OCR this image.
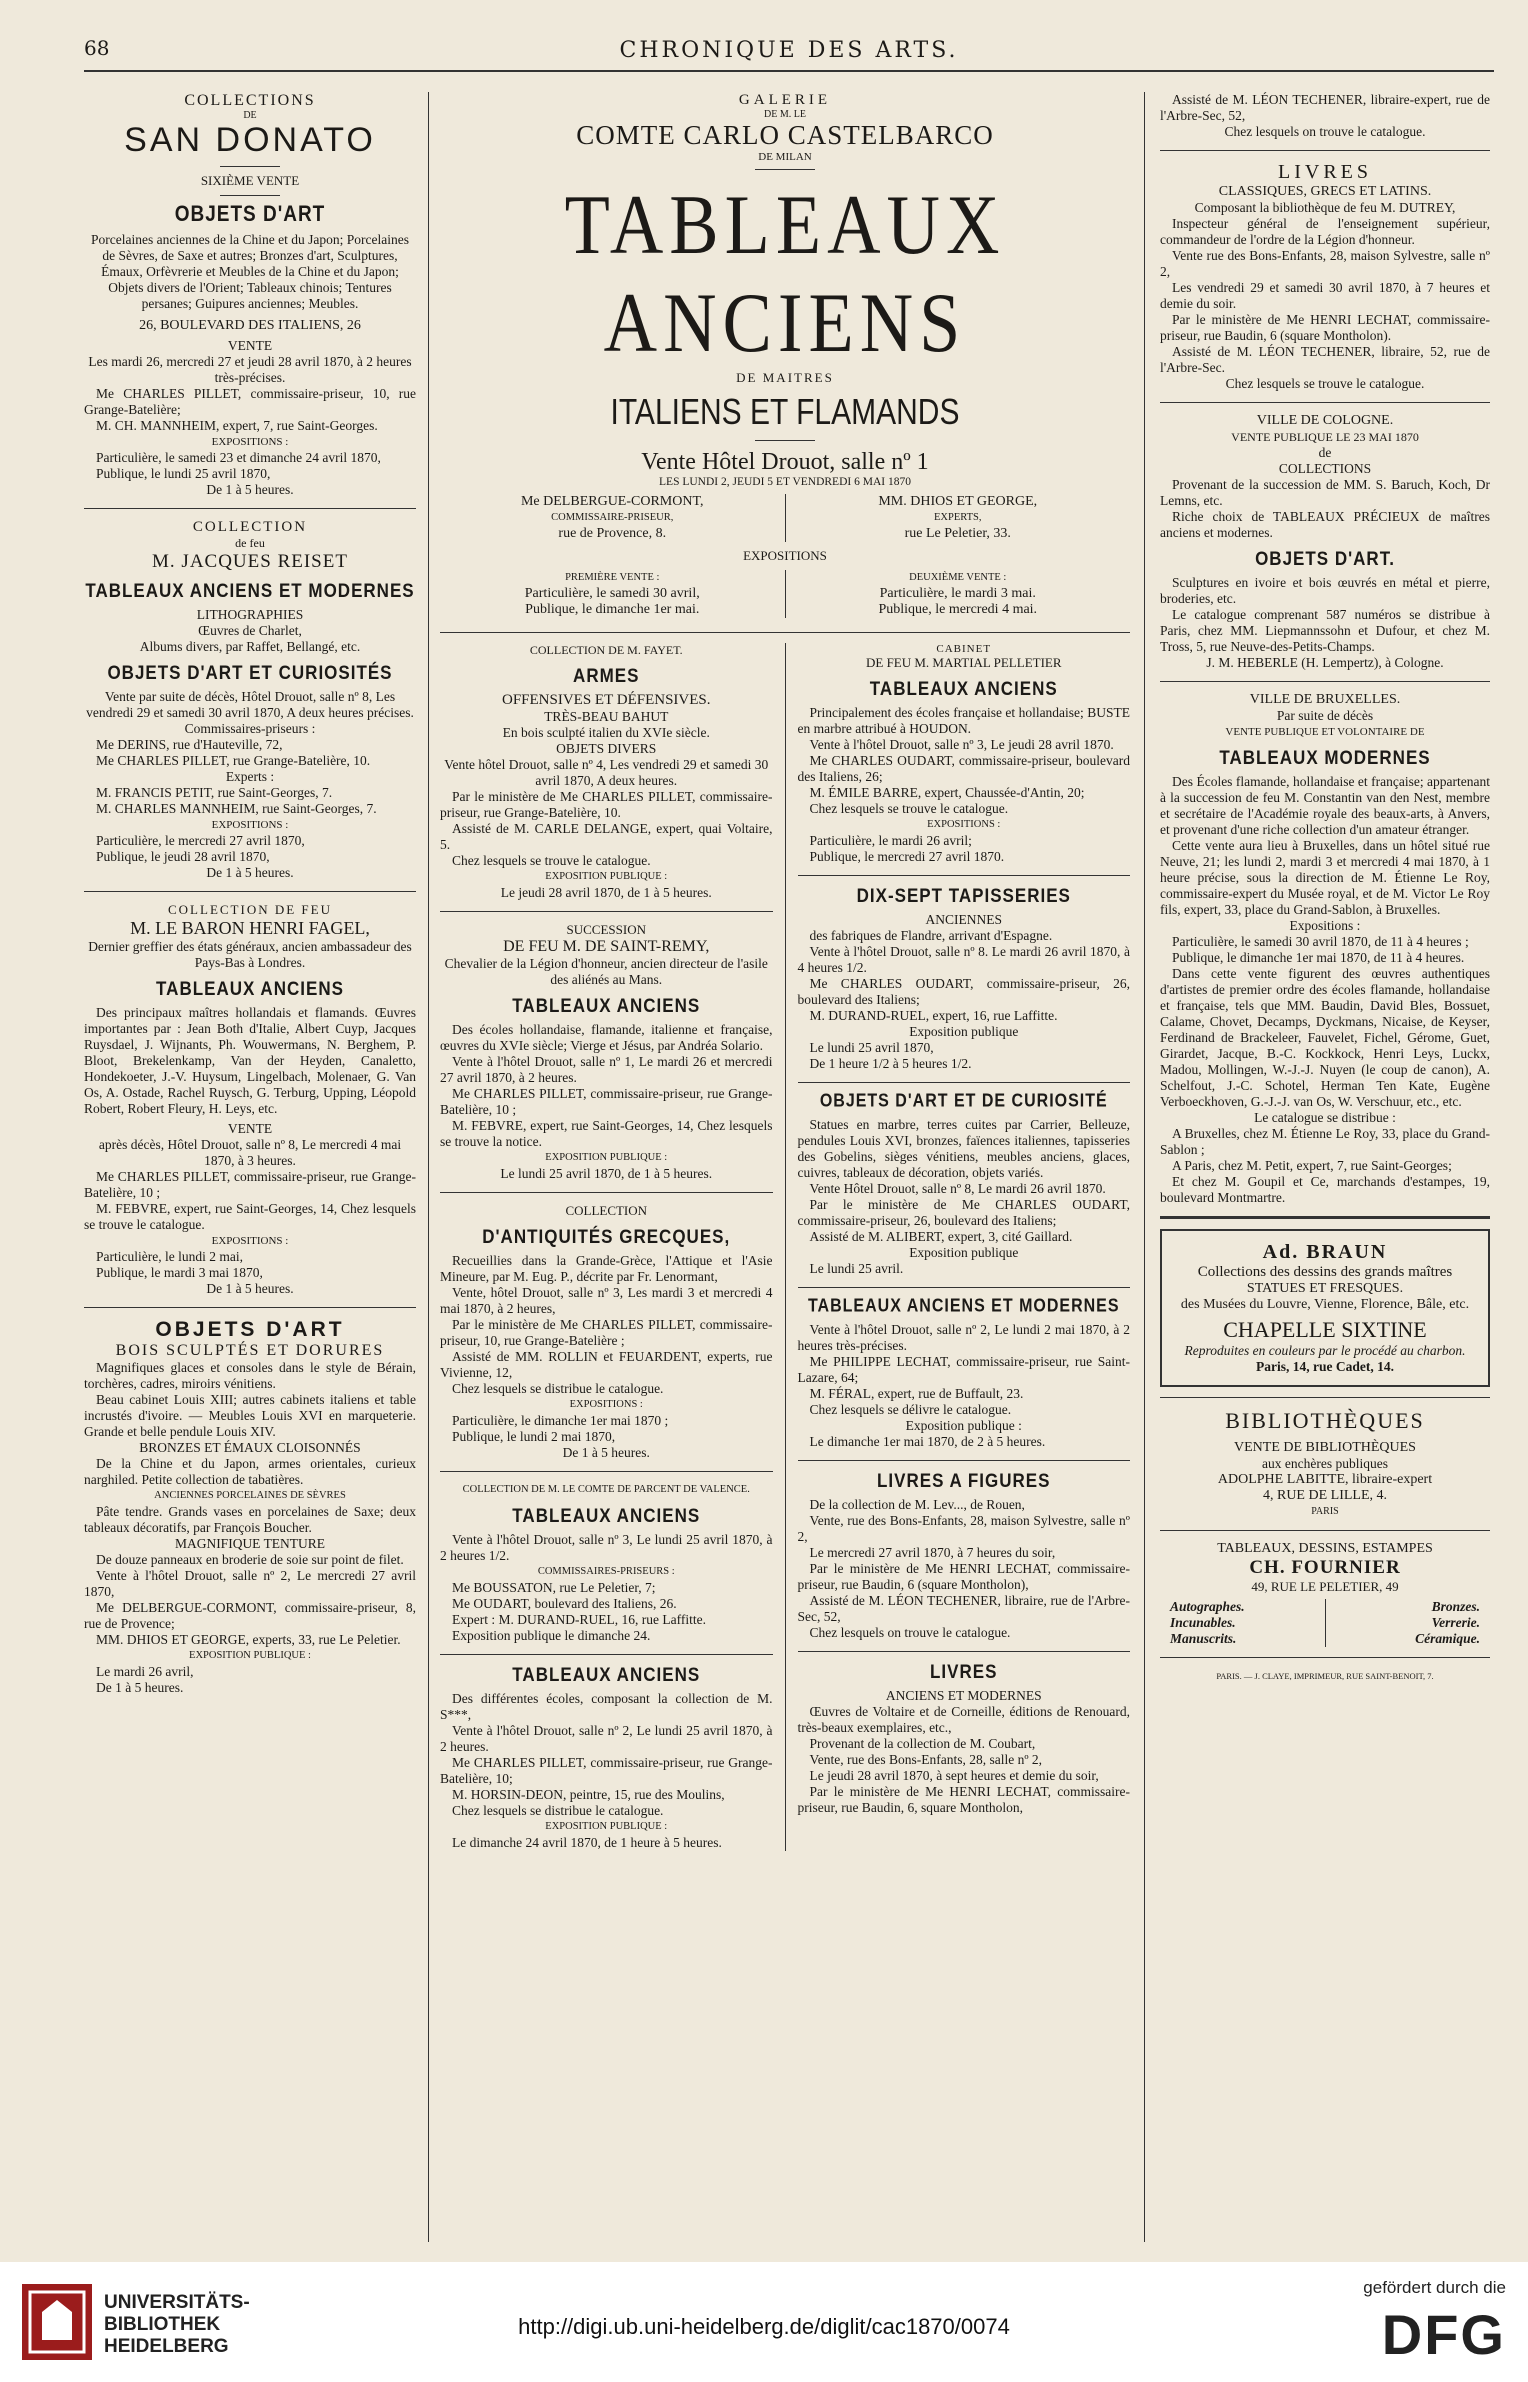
68	CHRONIQUE DES ARTS.
COLLECTIONS
DE
SAN DONATO
SIXIÈME VENTE
OBJETS D'ART
Porcelaines anciennes de la Chine et du Japon; Porcelaines de Sèvres, de Saxe et autres; Bronzes d'art, Sculptures, Émaux, Orfèvrerie et Meubles de la Chine et du Japon; Objets divers de l'Orient; Tableaux chinois; Tentures persanes; Guipures anciennes; Meubles.
26, BOULEVARD DES ITALIENS, 26
VENTE
Les mardi 26, mercredi 27 et jeudi 28 avril 1870, à 2 heures très-précises.

Me CHARLES PILLET, commissaire-priseur, 10, rue Grange-Batelière;

M. CH. MANNHEIM, expert, 7, rue Saint-Georges.

EXPOSITIONS :

Particulière, le samedi 23 et dimanche 24 avril 1870,

Publique, le lundi 25 avril 1870,

De 1 à 5 heures.
COLLECTION
de feu
M. JACQUES REISET
TABLEAUX ANCIENS ET MODERNES
LITHOGRAPHIES
Œuvres de Charlet,
Albums divers, par Raffet, Bellangé, etc.
OBJETS D'ART ET CURIOSITÉS
Vente par suite de décès, Hôtel Drouot, salle nº 8, Les vendredi 29 et samedi 30 avril 1870, A deux heures précises.
Commissaires-priseurs :

Me DERINS, rue d'Hauteville, 72,

Me CHARLES PILLET, rue Grange-Batelière, 10.

Experts :

M. FRANCIS PETIT, rue Saint-Georges, 7.

M. CHARLES MANNHEIM, rue Saint-Georges, 7.

EXPOSITIONS :

Particulière, le mercredi 27 avril 1870,

Publique, le jeudi 28 avril 1870,

De 1 à 5 heures.
COLLECTION DE FEU
M. LE BARON HENRI FAGEL,
Dernier greffier des états généraux, ancien ambassadeur des Pays-Bas à Londres.
TABLEAUX ANCIENS

Des principaux maîtres hollandais et flamands. Œuvres importantes par : Jean Both d'Italie, Albert Cuyp, Jacques Ruysdael, J. Wijnants, Ph. Wouwermans, N. Berghem, P. Bloot, Brekelenkamp, Van der Heyden, Canaletto, Hondekoeter, J.-V. Huysum, Lingelbach, Molenaer, G. Van Os, A. Ostade, Rachel Ruysch, G. Terburg, Upping, Léopold Robert, Robert Fleury, H. Leys, etc.

VENTE
après décès, Hôtel Drouot, salle nº 8, Le mercredi 4 mai 1870, à 3 heures.

Me CHARLES PILLET, commissaire-priseur, rue Grange-Batelière, 10 ;

M. FEBVRE, expert, rue Saint-Georges, 14, Chez lesquels se trouve le catalogue.

EXPOSITIONS :

Particulière, le lundi 2 mai,

Publique, le mardi 3 mai 1870,

De 1 à 5 heures.
OBJETS D'ART
BOIS SCULPTÉS ET DORURES

Magnifiques glaces et consoles dans le style de Bérain, torchères, cadres, miroirs vénitiens.

Beau cabinet Louis XIII; autres cabinets italiens et table incrustés d'ivoire. — Meubles Louis XVI en marqueterie. Grande et belle pendule Louis XIV.

BRONZES ET ÉMAUX CLOISONNÉS

De la Chine et du Japon, armes orientales, curieux narghiled. Petite collection de tabatières.

ANCIENNES PORCELAINES DE SÈVRES

Pâte tendre. Grands vases en porcelaines de Saxe; deux tableaux décoratifs, par François Boucher.

MAGNIFIQUE TENTURE

De douze panneaux en broderie de soie sur point de filet.

Vente à l'hôtel Drouot, salle nº 2, Le mercredi 27 avril 1870,

Me DELBERGUE-CORMONT, commissaire-priseur, 8, rue de Provence;

MM. DHIOS ET GEORGE, experts, 33, rue Le Peletier.

EXPOSITION PUBLIQUE :

Le mardi 26 avril,

De 1 à 5 heures.

GALERIE
DE M. LE
COMTE CARLO CASTELBARCO
DE MILAN
TABLEAUX ANCIENS
DE MAITRES
ITALIENS ET FLAMANDS
Vente Hôtel Drouot, salle nº 1
LES LUNDI 2, JEUDI 5 ET VENDREDI 6 MAI 1870
Me DELBERGUE-CORMONT,
COMMISSAIRE-PRISEUR,
rue de Provence, 8.
MM. DHIOS ET GEORGE,
EXPERTS,
rue Le Peletier, 33.
EXPOSITIONS
PREMIÈRE VENTE :
Particulière, le samedi 30 avril,
Publique, le dimanche 1er mai.
DEUXIÈME VENTE :
Particulière, le mardi 3 mai.
Publique, le mercredi 4 mai.
COLLECTION DE M. FAYET.
ARMES
OFFENSIVES ET DÉFENSIVES.
TRÈS-BEAU BAHUT
En bois sculpté italien du XVIe siècle.
OBJETS DIVERS
Vente hôtel Drouot, salle nº 4, Les vendredi 29 et samedi 30 avril 1870, A deux heures.

Par le ministère de Me CHARLES PILLET, commissaire-priseur, rue Grange-Batelière, 10.

Assisté de M. CARLE DELANGE, expert, quai Voltaire, 5.

Chez lesquels se trouve le catalogue.

EXPOSITION PUBLIQUE :
Le jeudi 28 avril 1870, de 1 à 5 heures.
SUCCESSION
DE FEU M. DE SAINT-REMY,
Chevalier de la Légion d'honneur, ancien directeur de l'asile des aliénés au Mans.
TABLEAUX ANCIENS

Des écoles hollandaise, flamande, italienne et française, œuvres du XVIe siècle; Vierge et Jésus, par Andréa Solario.

Vente à l'hôtel Drouot, salle nº 1, Le mardi 26 et mercredi 27 avril 1870, à 2 heures.

Me CHARLES PILLET, commissaire-priseur, rue Grange-Batelière, 10 ;

M. FEBVRE, expert, rue Saint-Georges, 14, Chez lesquels se trouve la notice.

EXPOSITION PUBLIQUE :
Le lundi 25 avril 1870, de 1 à 5 heures.
COLLECTION
D'ANTIQUITÉS GRECQUES,

Recueillies dans la Grande-Grèce, l'Attique et l'Asie Mineure, par M. Eug. P., décrite par Fr. Lenormant,

Vente, hôtel Drouot, salle nº 3, Les mardi 3 et mercredi 4 mai 1870, à 2 heures,

Par le ministère de Me CHARLES PILLET, commissaire-priseur, 10, rue Grange-Batelière ;

Assisté de MM. ROLLIN et FEUARDENT, experts, rue Vivienne, 12,

Chez lesquels se distribue le catalogue.

EXPOSITIONS :

Particulière, le dimanche 1er mai 1870 ;

Publique, le lundi 2 mai 1870,

De 1 à 5 heures.
COLLECTION DE M. LE COMTE DE PARCENT DE VALENCE.
TABLEAUX ANCIENS

Vente à l'hôtel Drouot, salle nº 3, Le lundi 25 avril 1870, à 2 heures 1/2.

COMMISSAIRES-PRISEURS :

Me BOUSSATON, rue Le Peletier, 7;

Me OUDART, boulevard des Italiens, 26.

Expert : M. DURAND-RUEL, 16, rue Laffitte.

Exposition publique le dimanche 24.

TABLEAUX ANCIENS

Des différentes écoles, composant la collection de M. S***,

Vente à l'hôtel Drouot, salle nº 2, Le lundi 25 avril 1870, à 2 heures.

Me CHARLES PILLET, commissaire-priseur, rue Grange-Batelière, 10;

M. HORSIN-DEON, peintre, 15, rue des Moulins,

Chez lesquels se distribue le catalogue.

EXPOSITION PUBLIQUE :

Le dimanche 24 avril 1870, de 1 heure à 5 heures.

CABINET
DE FEU M. MARTIAL PELLETIER
TABLEAUX ANCIENS

Principalement des écoles française et hollandaise; BUSTE en marbre attribué à HOUDON.

Vente à l'hôtel Drouot, salle nº 3, Le jeudi 28 avril 1870.

Me CHARLES OUDART, commissaire-priseur, boulevard des Italiens, 26;

M. ÉMILE BARRE, expert, Chaussée-d'Antin, 20;

Chez lesquels se trouve le catalogue.

EXPOSITIONS :

Particulière, le mardi 26 avril;

Publique, le mercredi 27 avril 1870.

DIX-SEPT TAPISSERIES
ANCIENNES

des fabriques de Flandre, arrivant d'Espagne.

Vente à l'hôtel Drouot, salle nº 8. Le mardi 26 avril 1870, à 4 heures 1/2.

Me CHARLES OUDART, commissaire-priseur, 26, boulevard des Italiens;

M. DURAND-RUEL, expert, 16, rue Laffitte.

Exposition publique

Le lundi 25 avril 1870,

De 1 heure 1/2 à 5 heures 1/2.

OBJETS D'ART ET DE CURIOSITÉ

Statues en marbre, terres cuites par Carrier, Belleuze, pendules Louis XVI, bronzes, faïences italiennes, tapisseries des Gobelins, sièges vénitiens, meubles anciens, glaces, cuivres, tableaux de décoration, objets variés.

Vente Hôtel Drouot, salle nº 8, Le mardi 26 avril 1870.

Par le ministère de Me CHARLES OUDART, commissaire-priseur, 26, boulevard des Italiens;

Assisté de M. ALIBERT, expert, 3, cité Gaillard.

Exposition publique

Le lundi 25 avril.

TABLEAUX ANCIENS ET MODERNES

Vente à l'hôtel Drouot, salle nº 2, Le lundi 2 mai 1870, à 2 heures très-précises.

Me PHILIPPE LECHAT, commissaire-priseur, rue Saint-Lazare, 64;

M. FÉRAL, expert, rue de Buffault, 23.

Chez lesquels se délivre le catalogue.

Exposition publique :

Le dimanche 1er mai 1870, de 2 à 5 heures.

LIVRES A FIGURES

De la collection de M. Lev..., de Rouen,

Vente, rue des Bons-Enfants, 28, maison Sylvestre, salle nº 2,

Le mercredi 27 avril 1870, à 7 heures du soir,

Par le ministère de Me HENRI LECHAT, commissaire-priseur, rue Baudin, 6 (square Montholon),

Assisté de M. LÉON TECHENER, libraire, rue de l'Arbre-Sec, 52,

Chez lesquels on trouve le catalogue.

LIVRES
ANCIENS ET MODERNES

Œuvres de Voltaire et de Corneille, éditions de Renouard, très-beaux exemplaires, etc.,

Provenant de la collection de M. Coubart,

Vente, rue des Bons-Enfants, 28, salle nº 2,

Le jeudi 28 avril 1870, à sept heures et demie du soir,

Par le ministère de Me HENRI LECHAT, commissaire-priseur, rue Baudin, 6, square Montholon,

Assisté de M. LÉON TECHENER, libraire-expert, rue de l'Arbre-Sec, 52,

Chez lesquels on trouve le catalogue.
LIVRES
CLASSIQUES, GRECS ET LATINS.
Composant la bibliothèque de feu M. DUTREY,

Inspecteur général de l'enseignement supérieur, commandeur de l'ordre de la Légion d'honneur.

Vente rue des Bons-Enfants, 28, maison Sylvestre, salle nº 2,

Les vendredi 29 et samedi 30 avril 1870, à 7 heures et demie du soir.

Par le ministère de Me HENRI LECHAT, commissaire-priseur, rue Baudin, 6 (square Montholon).

Assisté de M. LÉON TECHENER, libraire, 52, rue de l'Arbre-Sec.

Chez lesquels se trouve le catalogue.
VILLE DE COLOGNE.
VENTE PUBLIQUE LE 23 MAI 1870
de
COLLECTIONS

Provenant de la succession de MM. S. Baruch, Koch, Dr Lemns, etc.

Riche choix de TABLEAUX PRÉCIEUX de maîtres anciens et modernes.

OBJETS D'ART.

Sculptures en ivoire et bois œuvrés en métal et pierre, broderies, etc.

Le catalogue comprenant 587 numéros se distribue à Paris, chez MM. Liepmannssohn et Dufour, et chez M. Tross, 5, rue Neuve-des-Petits-Champs.

J. M. HEBERLE (H. Lempertz), à Cologne.
VILLE DE BRUXELLES.
Par suite de décès
VENTE PUBLIQUE ET VOLONTAIRE DE
TABLEAUX MODERNES

Des Écoles flamande, hollandaise et française; appartenant à la succession de feu M. Constantin van den Nest, membre et secrétaire de l'Académie royale des beaux-arts, à Anvers, et provenant d'une riche collection d'un amateur étranger.

Cette vente aura lieu à Bruxelles, dans un hôtel situé rue Neuve, 21; les lundi 2, mardi 3 et mercredi 4 mai 1870, à 1 heure précise, sous la direction de M. Étienne Le Roy, commissaire-expert du Musée royal, et de M. Victor Le Roy fils, expert, 33, place du Grand-Sablon, à Bruxelles.

Expositions :

Particulière, le samedi 30 avril 1870, de 11 à 4 heures ;

Publique, le dimanche 1er mai 1870, de 11 à 4 heures.

Dans cette vente figurent des œuvres authentiques d'artistes de premier ordre des écoles flamande, hollandaise et française, tels que MM. Baudin, David Bles, Bossuet, Calame, Chovet, Decamps, Dyckmans, Nicaise, de Keyser, Ferdinand de Brackeleer, Fauvelet, Fichel, Gérome, Guet, Girardet, Jacque, B.-C. Kockkock, Henri Leys, Luckx, Madou, Mollingen, W.-J.-J. Nuyen (le coup de canon), A. Schelfout, J.-C. Schotel, Herman Ten Kate, Eugène Verboeckhoven, G.-J.-J. van Os, W. Verschuur, etc., etc.

Le catalogue se distribue :

A Bruxelles, chez M. Étienne Le Roy, 33, place du Grand-Sablon ;

A Paris, chez M. Petit, expert, 7, rue Saint-Georges;

Et chez M. Goupil et Ce, marchands d'estampes, 19, boulevard Montmartre.

Ad. BRAUN
Collections des dessins des grands maîtres
STATUES ET FRESQUES.
des Musées du Louvre, Vienne, Florence, Bâle, etc.
CHAPELLE SIXTINE
Reproduites en couleurs par le procédé au charbon.
Paris, 14, rue Cadet, 14.
BIBLIOTHÈQUES
VENTE DE BIBLIOTHÈQUES
aux enchères publiques
ADOLPHE LABITTE, libraire-expert
4, RUE DE LILLE, 4.
PARIS
TABLEAUX, DESSINS, ESTAMPES
CH. FOURNIER
49, RUE LE PELETIER, 49
Autographes.
Incunables.
Manuscrits.
Bronzes.
Verrerie.
Céramique.
PARIS. — J. CLAYE, IMPRIMEUR, RUE SAINT-BENOIT, 7.
UNIVERSITÄTS-
BIBLIOTHEK
HEIDELBERG
http://digi.ub.uni-heidelberg.de/diglit/cac1870/0074
gefördert durch die
DFG
